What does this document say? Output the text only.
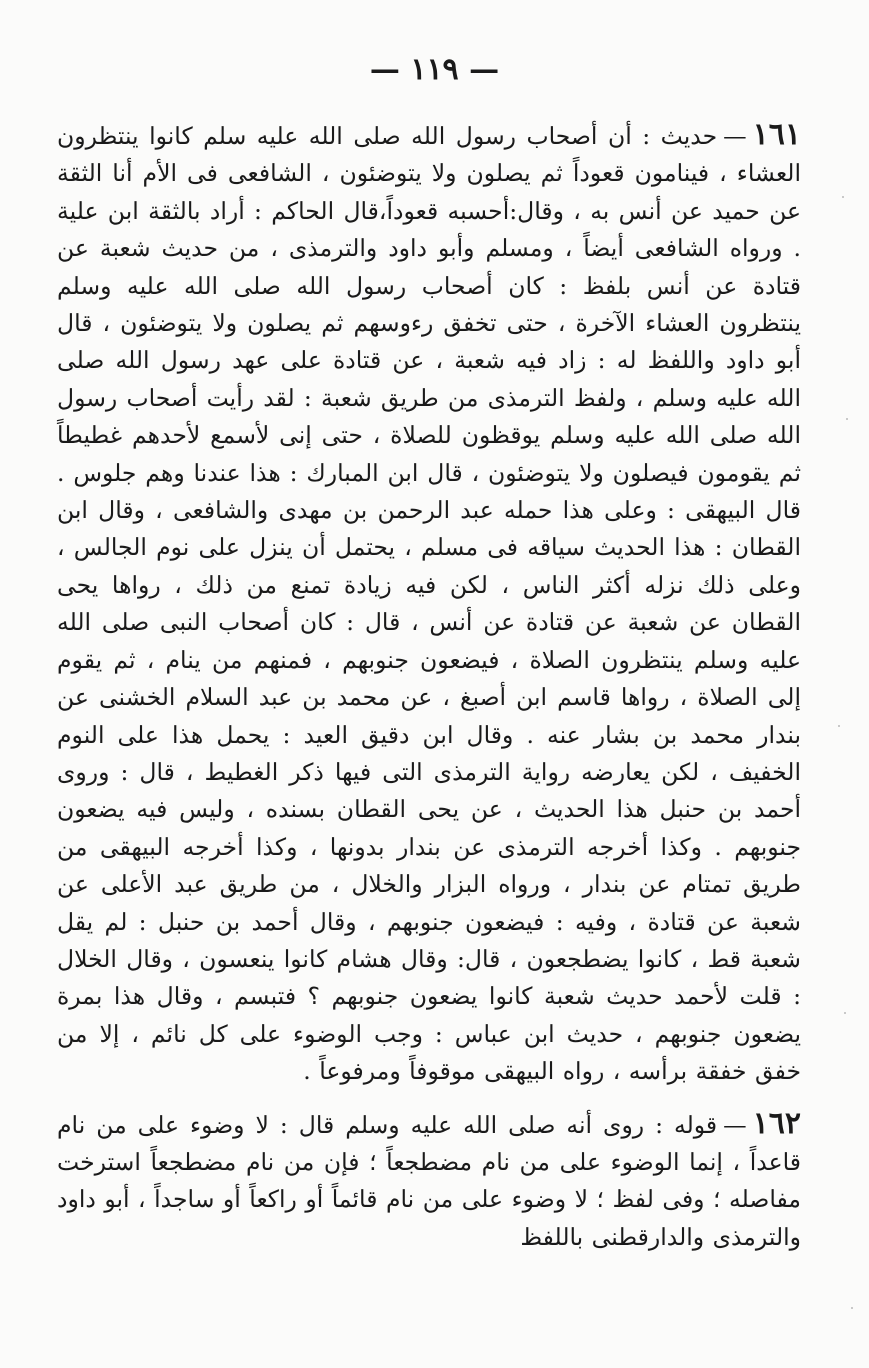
— ١١٩ —

١٦١—حديث : أن أصحاب رسول الله صلى الله عليه سلم كانوا ينتظرون العشاء ، فينامون قعوداً ثم يصلون ولا يتوضئون ، الشافعى فى الأم أنا الثقة عن حميد عن أنس به ، وقال:أحسبه قعوداً،قال الحاكم : أراد بالثقة ابن علية . ورواه الشافعى أيضاً ، ومسلم وأبو داود والترمذى ، من حديث شعبة عن قتادة عن أنس بلفظ : كان أصحاب رسول الله صلى الله عليه وسلم ينتظرون العشاء الآخرة ، حتى تخفق رءوسهم ثم يصلون ولا يتوضئون ، قال أبو داود واللفظ له : زاد فيه شعبة ، عن قتادة على عهد رسول الله صلى الله عليه وسلم ، ولفظ الترمذى من طريق شعبة : لقد رأيت أصحاب رسول الله صلى الله عليه وسلم يوقظون للصلاة ، حتى إنى لأسمع لأحدهم غطيطاً ثم يقومون فيصلون ولا يتوضئون ، قال ابن المبارك : هذا عندنا وهم جلوس . قال البيهقى : وعلى هذا حمله عبد الرحمن بن مهدى والشافعى ، وقال ابن القطان : هذا الحديث سياقه فى مسلم ، يحتمل أن ينزل على نوم الجالس ، وعلى ذلك نزله أكثر الناس ، لكن فيه زيادة تمنع من ذلك ، رواها يحى القطان عن شعبة عن قتادة عن أنس ، قال : كان أصحاب النبى صلى الله عليه وسلم ينتظرون الصلاة ، فيضعون جنوبهم ، فمنهم من ينام ، ثم يقوم إلى الصلاة ، رواها قاسم ابن أصبغ ، عن محمد بن عبد السلام الخشنى عن بندار محمد بن بشار عنه . وقال ابن دقيق العيد : يحمل هذا على النوم الخفيف ، لكن يعارضه رواية الترمذى التى فيها ذكر الغطيط ، قال : وروى أحمد بن حنبل هذا الحديث ، عن يحى القطان بسنده ، وليس فيه يضعون جنوبهم . وكذا أخرجه الترمذى عن بندار بدونها ، وكذا أخرجه البيهقى من طريق تمتام عن بندار ، ورواه البزار والخلال ، من طريق عبد الأعلى عن شعبة عن قتادة ، وفيه : فيضعون جنوبهم ، وقال أحمد بن حنبل : لم يقل شعبة قط ، كانوا يضطجعون ، قال: وقال هشام كانوا ينعسون ، وقال الخلال : قلت لأحمد حديث شعبة كانوا يضعون جنوبهم ؟ فتبسم ، وقال هذا بمرة يضعون جنوبهم ، حديث ابن عباس : وجب الوضوء على كل نائم ، إلا من خفق خفقة برأسه ، رواه البيهقى موقوفاً ومرفوعاً .

١٦٢—قوله : روى أنه صلى الله عليه وسلم قال : لا وضوء على من نام قاعداً ، إنما الوضوء على من نام مضطجعاً ؛ فإن من نام مضطجعاً استرخت مفاصله ؛ وفى لفظ ؛ لا وضوء على من نام قائماً أو راكعاً أو ساجداً ، أبو داود والترمذى والدارقطنى باللفظ
